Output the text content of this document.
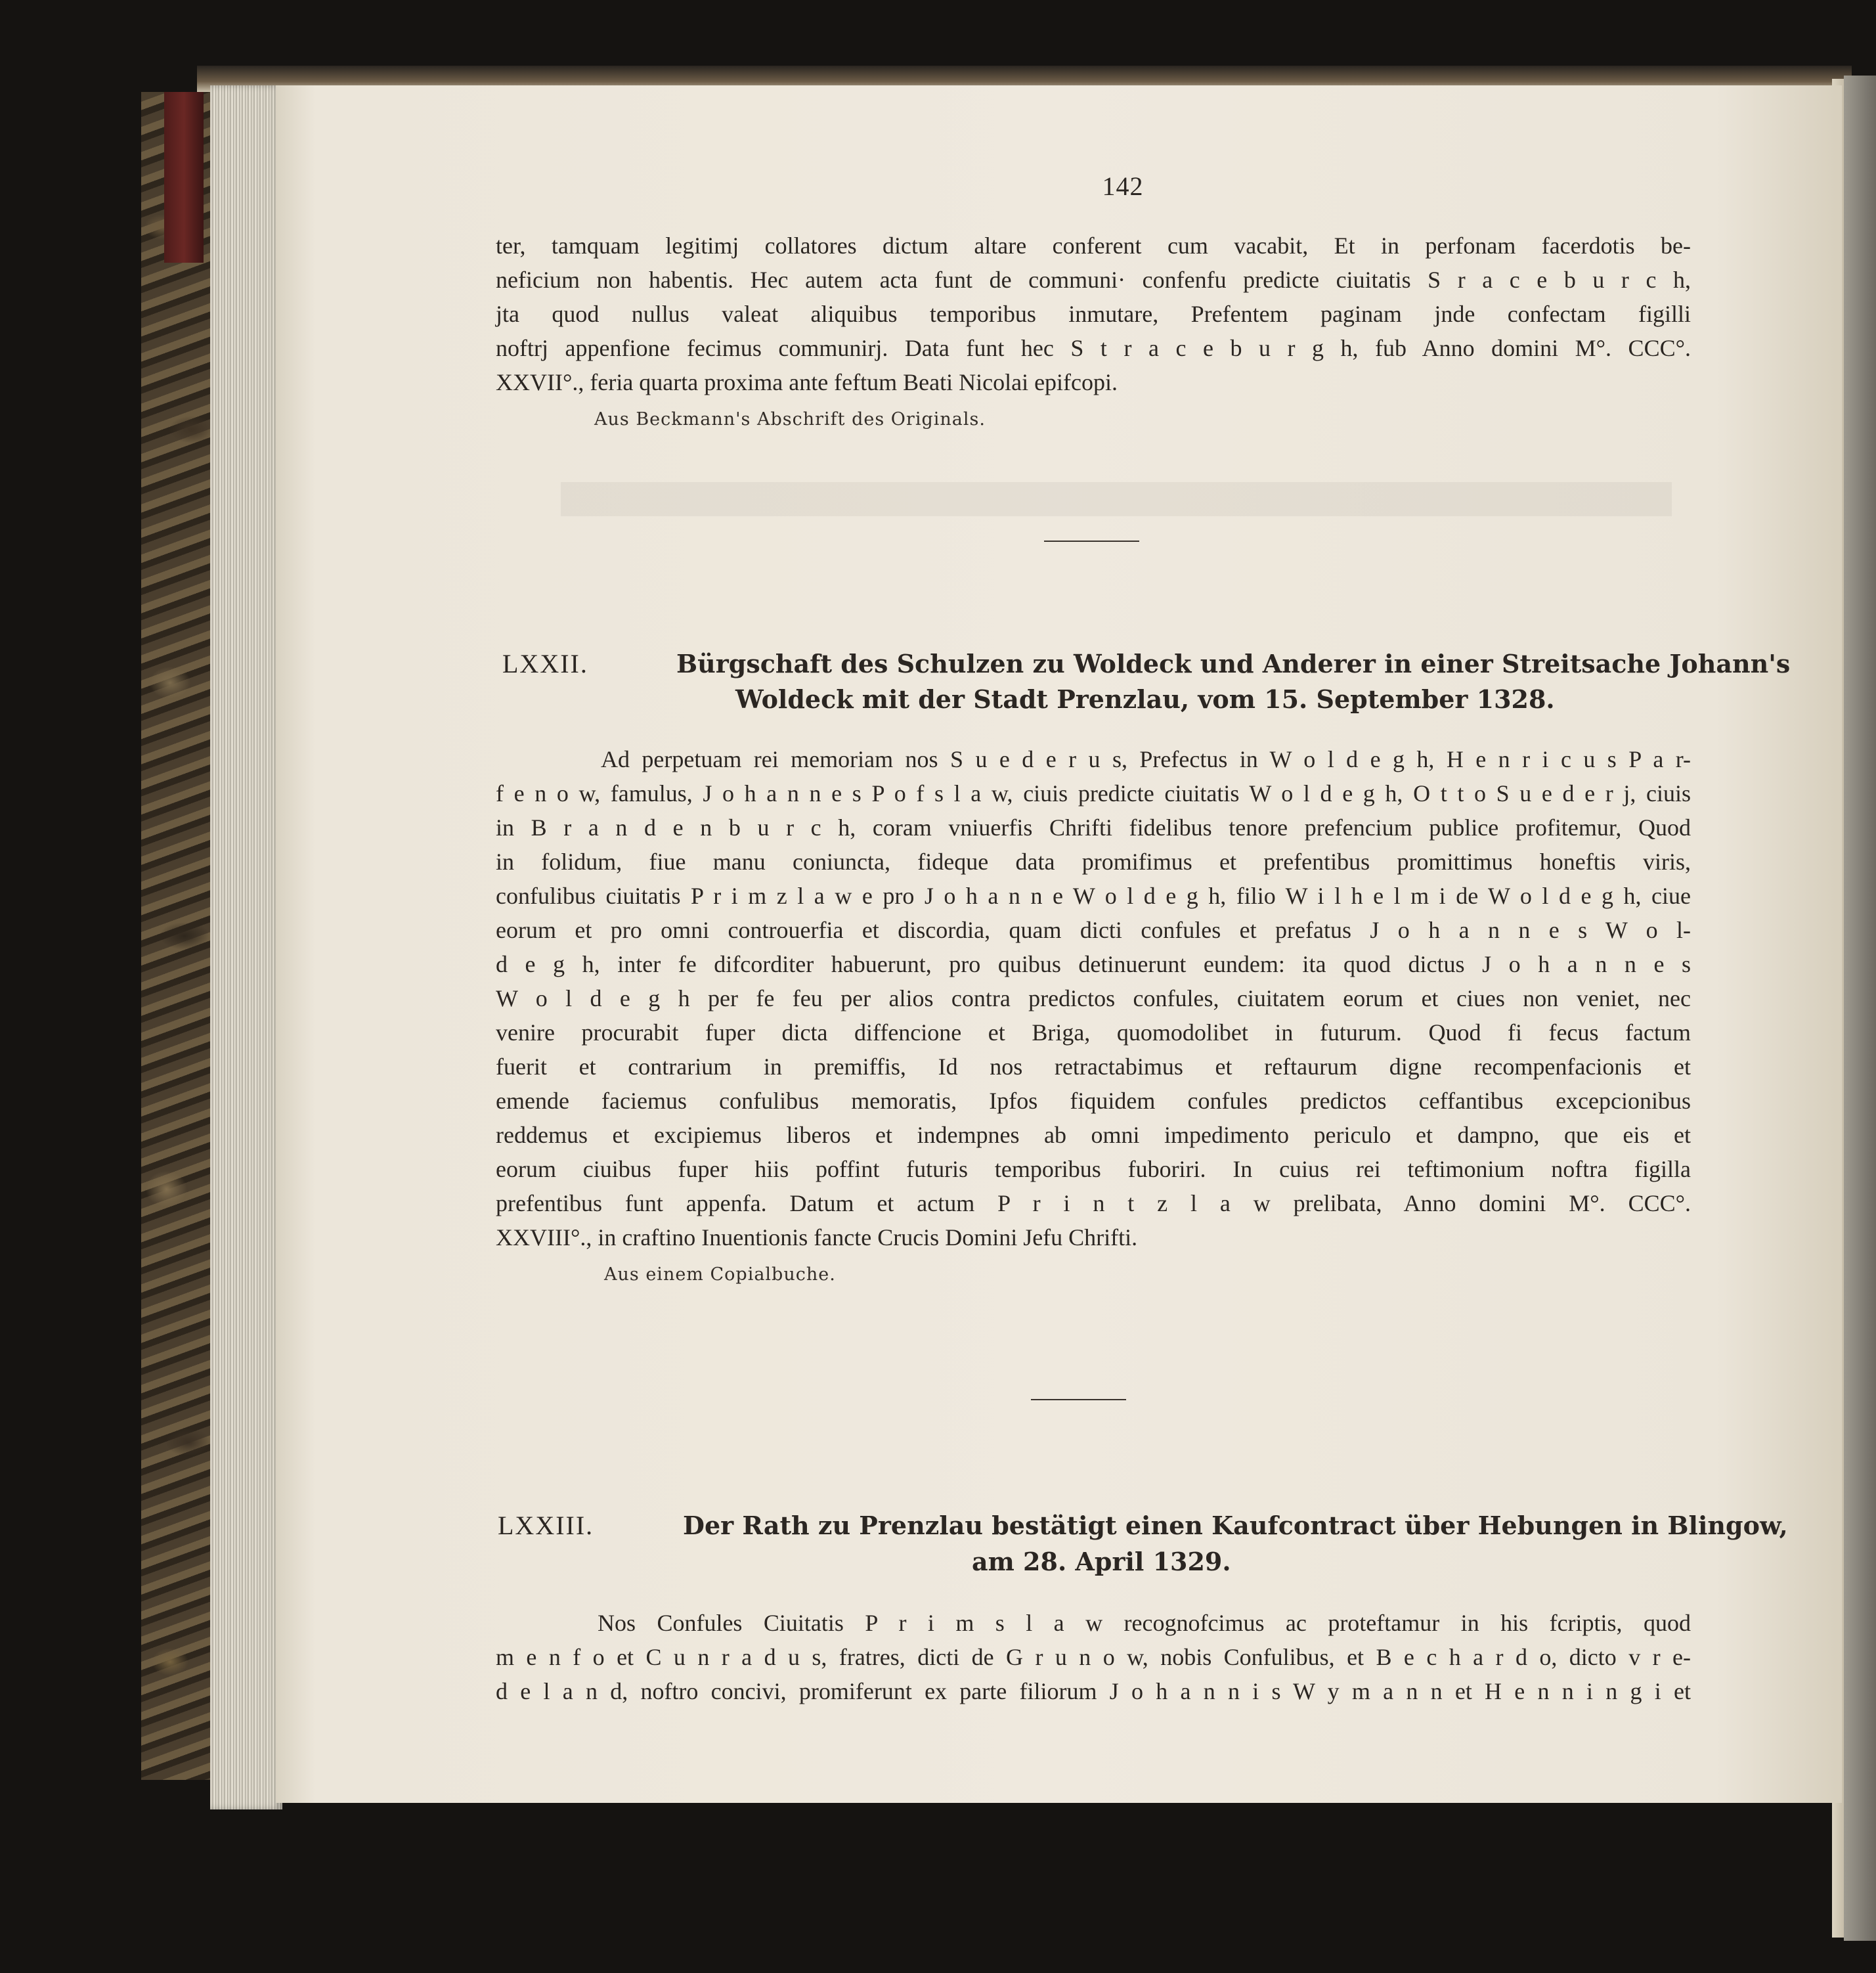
142
ter, tamquam legitimj collatores dictum altare conferent cum vacabit, Et in perfonam facerdotis be-
neficium non habentis. Hec autem acta funt de communi· confenfu predicte ciuitatis S r a c e b u r c h,
jta quod nullus valeat aliquibus temporibus inmutare, Prefentem paginam jnde confectam figilli
noftrj appenfione fecimus communirj. Data funt hec S t r a c e b u r g h, fub Anno domini M°. CCC°.
XXVII°., feria quarta proxima ante feftum Beati Nicolai epifcopi.
Aus Beckmann's Abschrift des Originals.
LXXII.	Bürgschaft des Schulzen zu Woldeck und Anderer in einer Streitsache Johann's
Woldeck mit der Stadt Prenzlau, vom 15. September 1328.
Ad perpetuam rei memoriam nos S u e d e r u s, Prefectus in W o l d e g h, H e n r i c u s P a r-
f e n o w, famulus, J o h a n n e s P o f s l a w, ciuis predicte ciuitatis W o l d e g h, O t t o S u e d e r j, ciuis
in B r a n d e n b u r c h, coram vniuerfis Chrifti fidelibus tenore prefencium publice profitemur, Quod
in folidum, fiue manu coniuncta, fideque data promifimus et prefentibus promittimus honeftis viris,
confulibus ciuitatis P r i m z l a w e pro J o h a n n e W o l d e g h, filio W i l h e l m i de W o l d e g h, ciue
eorum et pro omni controuerfia et discordia, quam dicti confules et prefatus J o h a n n e s W o l-
d e g h, inter fe difcorditer habuerunt, pro quibus detinuerunt eundem: ita quod dictus J o h a n n e s
W o l d e g h per fe feu per alios contra predictos confules, ciuitatem eorum et ciues non veniet, nec
venire procurabit fuper dicta diffencione et Briga, quomodolibet in futurum. Quod fi fecus factum
fuerit et contrarium in premiffis, Id nos retractabimus et reftaurum digne recompenfacionis et
emende faciemus confulibus memoratis, Ipfos fiquidem confules predictos ceffantibus excepcionibus
reddemus et excipiemus liberos et indempnes ab omni impedimento periculo et dampno, que eis et
eorum ciuibus fuper hiis poffint futuris temporibus fuboriri. In cuius rei teftimonium noftra figilla
prefentibus funt appenfa. Datum et actum P r i n t z l a w prelibata, Anno domini M°. CCC°.
XXVIII°., in craftino Inuentionis fancte Crucis Domini Jefu Chrifti.
Aus einem Copialbuche.
LXXIII.	Der Rath zu Prenzlau bestätigt einen Kaufcontract über Hebungen in Blingow,
am 28. April 1329.
Nos Confules Ciuitatis P r i m s l a w recognofcimus ac proteftamur in his fcriptis, quod
m e n f o et C u n r a d u s, fratres, dicti de G r u n o w, nobis Confulibus, et B e c h a r d o, dicto v r e-
d e l a n d, noftro concivi, promiferunt ex parte filiorum J o h a n n i s W y m a n n et H e n n i n g i et
